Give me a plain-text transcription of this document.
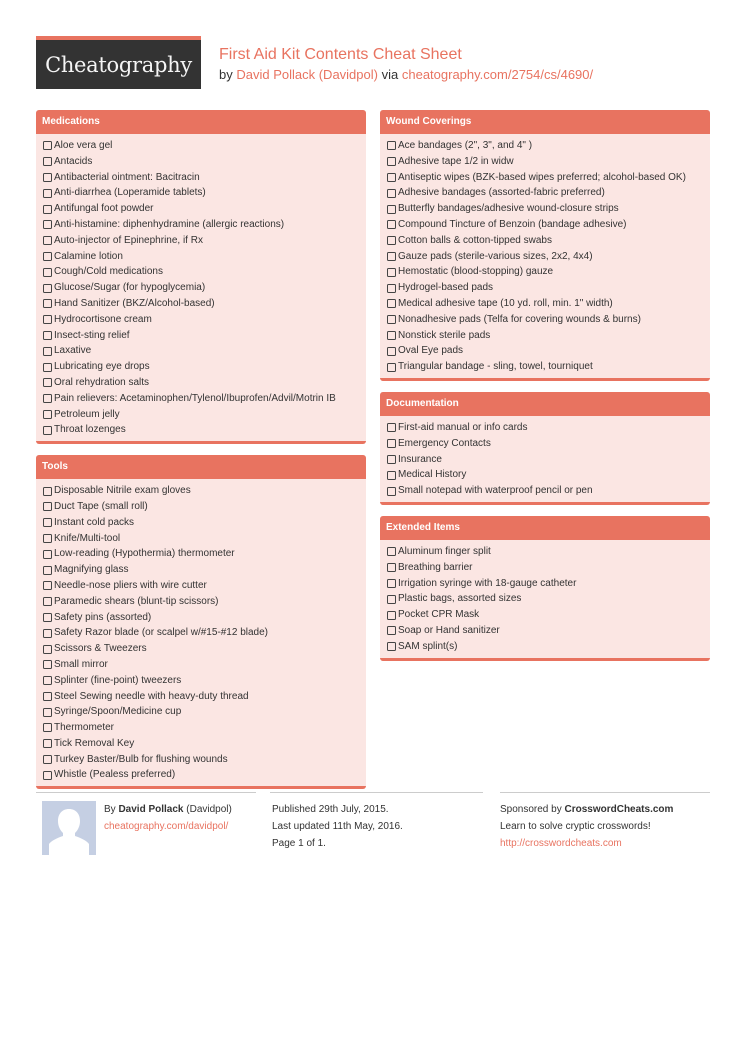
Cheatography First Aid Kit Contents Cheat Sheet
by David Pollack (Davidpol) via cheatography.com/2754/cs/4690/
Medications
Aloe vera gel
Antacids
Antibacterial ointment: Bacitracin
Anti-diarrhea (Loperamide tablets)
Antifungal foot powder
Anti-histamine: diphenhydramine (allergic reactions)
Auto-injector of Epinephrine, if Rx
Calamine lotion
Cough/Cold medications
Glucose/Sugar (for hypoglycemia)
Hand Sanitizer (BKZ/Alcohol-based)
Hydrocortisone cream
Insect-sting relief
Laxative
Lubricating eye drops
Oral rehydration salts
Pain relievers: Acetaminophen/Tylenol/Ibuprofen/Advil/Motrin IB
Petroleum jelly
Throat lozenges
Tools
Disposable Nitrile exam gloves
Duct Tape (small roll)
Instant cold packs
Knife/Multi-tool
Low-reading (Hypothermia) thermometer
Magnifying glass
Needle-nose pliers with wire cutter
Paramedic shears (blunt-tip scissors)
Safety pins (assorted)
Safety Razor blade (or scalpel w/#15-#12 blade)
Scissors & Tweezers
Small mirror
Splinter (fine-point) tweezers
Steel Sewing needle with heavy-duty thread
Syringe/Spoon/Medicine cup
Thermometer
Tick Removal Key
Turkey Baster/Bulb for flushing wounds
Whistle (Pealess preferred)
Wound Coverings
Ace bandages (2", 3", and 4" )
Adhesive tape 1/2 in widw
Antiseptic wipes (BZK-based wipes preferred; alcohol-based OK)
Adhesive bandages (assorted-fabric preferred)
Butterfly bandages/adhesive wound-closure strips
Compound Tincture of Benzoin (bandage adhesive)
Cotton balls & cotton-tipped swabs
Gauze pads (sterile-various sizes, 2x2, 4x4)
Hemostatic (blood-stopping) gauze
Hydrogel-based pads
Medical adhesive tape (10 yd. roll, min. 1" width)
Nonadhesive pads (Telfa for covering wounds & burns)
Nonstick sterile pads
Oval Eye pads
Triangular bandage - sling, towel, tourniquet
Documentation
First-aid manual or info cards
Emergency Contacts
Insurance
Medical History
Small notepad with waterproof pencil or pen
Extended Items
Aluminum finger split
Breathing barrier
Irrigation syringe with 18-gauge catheter
Plastic bags, assorted sizes
Pocket CPR Mask
Soap or Hand sanitizer
SAM splint(s)
By David Pollack (Davidpol)
cheatography.com/davidpol/
Published 29th July, 2015.
Last updated 11th May, 2016.
Page 1 of 1.
Sponsored by CrosswordCheats.com
Learn to solve cryptic crosswords!
http://crosswordcheats.com
